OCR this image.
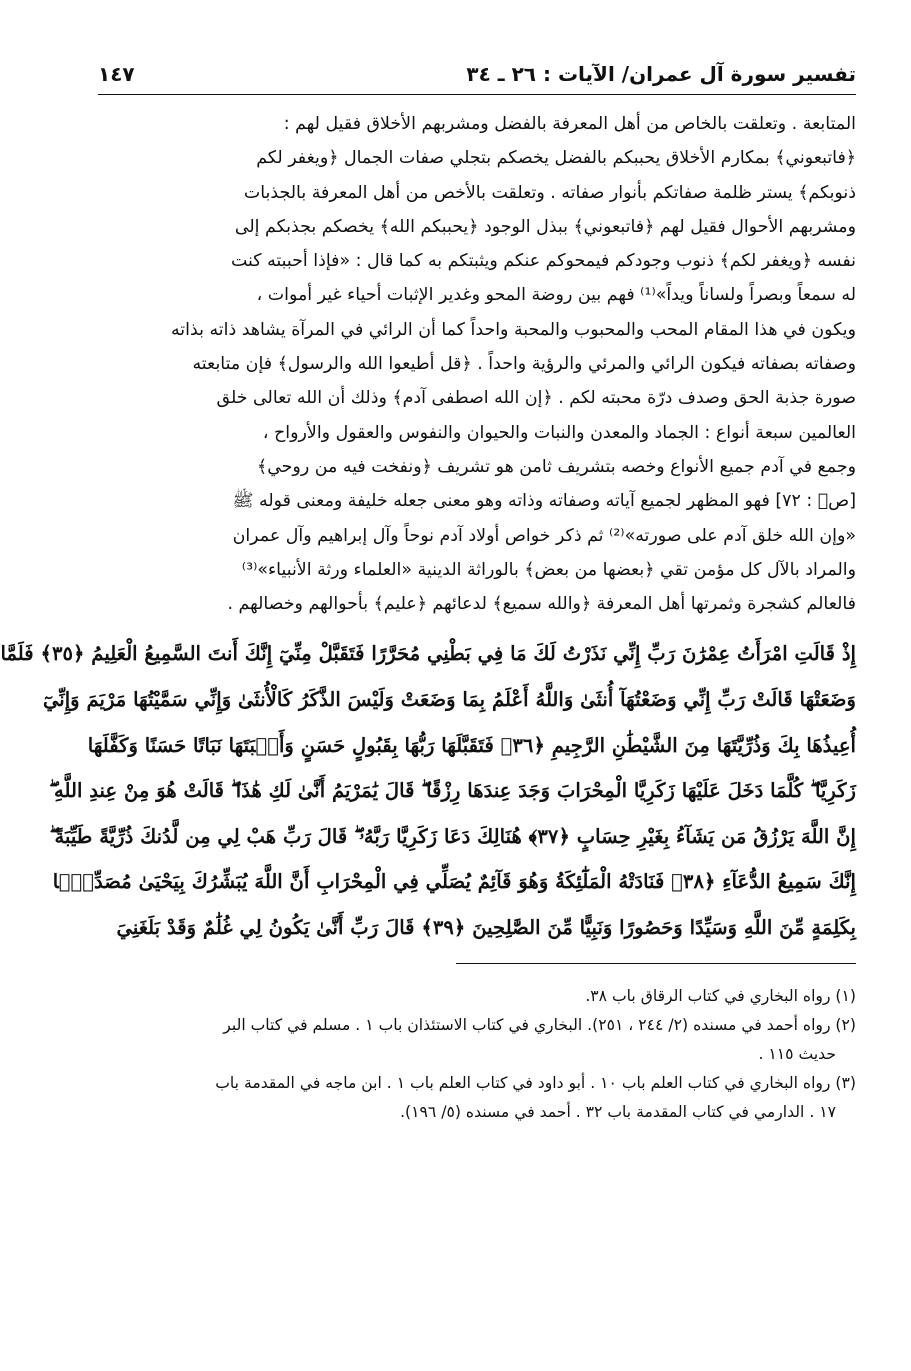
تفسير سورة آل عمران/ الآيات : ٢٦ ـ ٣٤
١٤٧
المتابعة . وتعلقت بالخاص من أهل المعرفة بالفضل ومشربهم الأخلاق فقيل لهم :
﴿فاتبعوني﴾ بمكارم الأخلاق يحببكم بالفضل يخصكم بتجلي صفات الجمال ﴿ويغفر لكم
ذنوبكم﴾ يستر ظلمة صفاتكم بأنوار صفاته . وتعلقت بالأخص من أهل المعرفة بالجذبات
ومشربهم الأحوال فقيل لهم ﴿فاتبعوني﴾ ببذل الوجود ﴿يحببكم الله﴾ يخصكم بجذبكم إلى
نفسه ﴿ويغفر لكم﴾ ذنوب وجودكم فيمحوكم عنكم ويثبتكم به كما قال : «فإذا أحببته كنت
له سمعاً وبصراً ولساناً ويداً»⁽¹⁾ فهم بين روضة المحو وغدير الإثبات أحياء غير أموات ،
ويكون في هذا المقام المحب والمحبوب والمحبة واحداً كما أن الرائي في المرآة يشاهد ذاته بذاته
وصفاته بصفاته فيكون الرائي والمرئي والرؤية واحداً . ﴿قل أطيعوا الله والرسول﴾ فإن متابعته
صورة جذبة الحق وصدف درّة محبته لكم . ﴿إن الله اصطفى آدم﴾ وذلك أن الله تعالى خلق
العالمين سبعة أنواع : الجماد والمعدن والنبات والحيوان والنفوس والعقول والأرواح ،
وجمع في آدم جميع الأنواع وخصه بتشريف ثامن هو تشريف ﴿ونفخت فيه من روحي﴾
[صۤ : ٧٢] فهو المظهر لجميع آياته وصفاته وذاته وهو معنى جعله خليفة ومعنى قوله ﷺ
«وإن الله خلق آدم على صورته»⁽²⁾ ثم ذكر خواص أولاد آدم نوحاً وآل إبراهيم وآل عمران
والمراد بالآل كل مؤمن تقي ﴿بعضها من بعض﴾ بالوراثة الدينية «العلماء ورثة الأنبياء»⁽³⁾
فالعالم كشجرة وثمرتها أهل المعرفة ﴿والله سميع﴾ لدعائهم ﴿عليم﴾ بأحوالهم وخصالهم .
إِذْ قَالَتِ امْرَأَتُ عِمْرَٰنَ رَبِّ إِنِّي نَذَرْتُ لَكَ مَا فِي بَطْنِي مُحَرَّرًا فَتَقَبَّلْ مِنِّيٓ إِنَّكَ أَنتَ السَّمِيعُ الْعَلِيمُ ﴿٣٥﴾ فَلَمَّا
وَضَعَتْهَا قَالَتْ رَبِّ إِنِّي وَضَعْتُهَآ أُنثَىٰ وَاللَّهُ أَعْلَمُ بِمَا وَضَعَتْ وَلَيْسَ الذَّكَرُ كَالْأُنثَىٰ وَإِنِّي سَمَّيْتُهَا مَرْيَمَ وَإِنِّيٓ
أُعِيذُهَا بِكَ وَذُرِّيَّتَهَا مِنَ الشَّيْطَٰنِ الرَّجِيمِ ﴿٣٦﴾ فَتَقَبَّلَهَا رَبُّهَا بِقَبُولٍ حَسَنٍ وَأَنۢبَتَهَا نَبَاتًا حَسَنًا وَكَفَّلَهَا
زَكَرِيَّا ۖ كُلَّمَا دَخَلَ عَلَيْهَا زَكَرِيَّا الْمِحْرَابَ وَجَدَ عِندَهَا رِزْقًا ۖ قَالَ يَٰمَرْيَمُ أَنَّىٰ لَكِ هَٰذَا ۖ قَالَتْ هُوَ مِنْ عِندِ اللَّهِ ۖ
إِنَّ اللَّهَ يَرْزُقُ مَن يَشَآءُ بِغَيْرِ حِسَابٍ ﴿٣٧﴾ هُنَالِكَ دَعَا زَكَرِيَّا رَبَّهُۥ ۖ قَالَ رَبِّ هَبْ لِي مِن لَّدُنكَ ذُرِّيَّةً طَيِّبَةً ۖ
إِنَّكَ سَمِيعُ الدُّعَآءِ ﴿٣٨﴾ فَنَادَتْهُ الْمَلَٰٓئِكَةُ وَهُوَ قَآئِمٌ يُصَلِّي فِي الْمِحْرَابِ أَنَّ اللَّهَ يُبَشِّرُكَ بِيَحْيَىٰ مُصَدِّقًۢا
بِكَلِمَةٍ مِّنَ اللَّهِ وَسَيِّدًا وَحَصُورًا وَنَبِيًّا مِّنَ الصَّٰلِحِينَ ﴿٣٩﴾ قَالَ رَبِّ أَنَّىٰ يَكُونُ لِي غُلَٰمٌ وَقَدْ بَلَغَنِيَ
(١) رواه البخاري في كتاب الرقاق باب ٣٨.
(٢) رواه أحمد في مسنده (٢/ ٢٤٤ ، ٢٥١). البخاري في كتاب الاستئذان باب ١ . مسلم في كتاب البر
حديث ١١٥ .
(٣) رواه البخاري في كتاب العلم باب ١٠ . أبو داود في كتاب العلم باب ١ . ابن ماجه في المقدمة باب
١٧ . الدارمي في كتاب المقدمة باب ٣٢ . أحمد في مسنده (٥/ ١٩٦).
